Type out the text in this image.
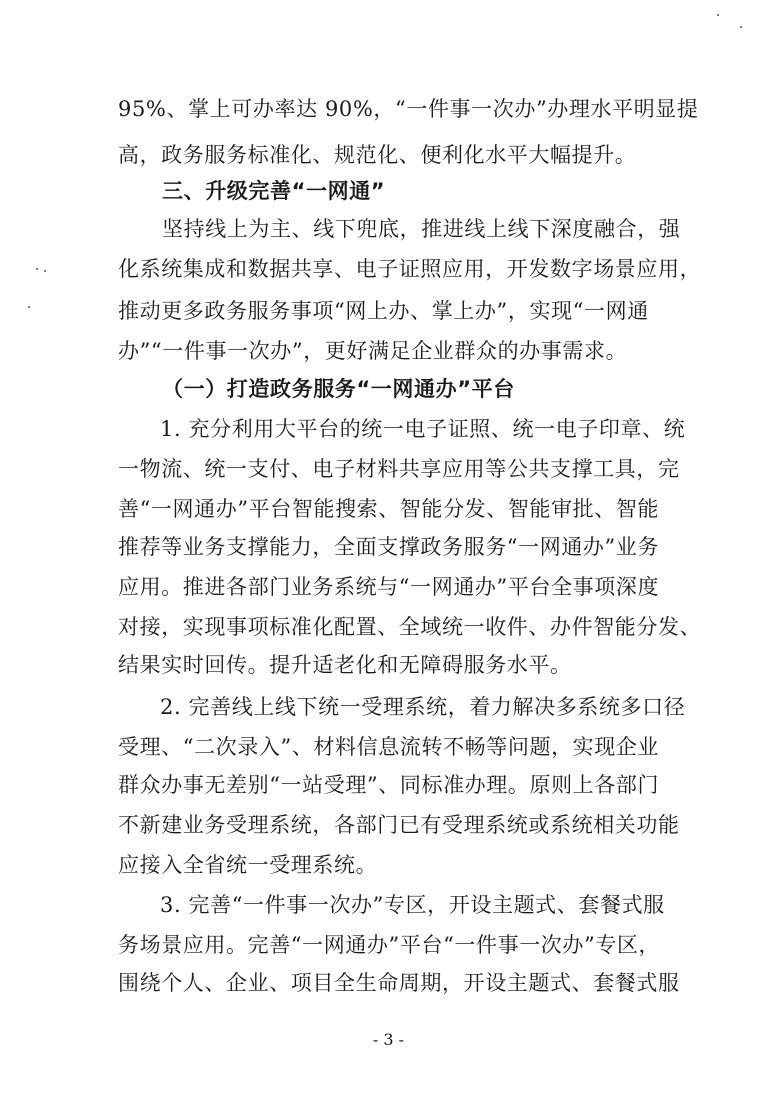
95%、掌上可办率达 90%，“一件事一次办”办理水平明显提
高，政务服务标准化、规范化、便利化水平大幅提升。
三、升级完善“一网通”
坚持线上为主、线下兜底，推进线上线下深度融合，强
化系统集成和数据共享、电子证照应用，开发数字场景应用，
推动更多政务服务事项“网上办、掌上办”，实现“一网通
办”“一件事一次办”，更好满足企业群众的办事需求。
（一）打造政务服务“一网通办”平台
1. 充分利用大平台的统一电子证照、统一电子印章、统
一物流、统一支付、电子材料共享应用等公共支撑工具，完
善“一网通办”平台智能搜索、智能分发、智能审批、智能
推荐等业务支撑能力，全面支撑政务服务“一网通办”业务
应用。推进各部门业务系统与“一网通办”平台全事项深度
对接，实现事项标准化配置、全域统一收件、办件智能分发、
结果实时回传。提升适老化和无障碍服务水平。
2. 完善线上线下统一受理系统，着力解决多系统多口径
受理、“二次录入”、材料信息流转不畅等问题，实现企业
群众办事无差别“一站受理”、同标准办理。原则上各部门
不新建业务受理系统，各部门已有受理系统或系统相关功能
应接入全省统一受理系统。
3. 完善“一件事一次办”专区，开设主题式、套餐式服
务场景应用。完善“一网通办”平台“一件事一次办”专区，
围绕个人、企业、项目全生命周期，开设主题式、套餐式服
- 3 -
